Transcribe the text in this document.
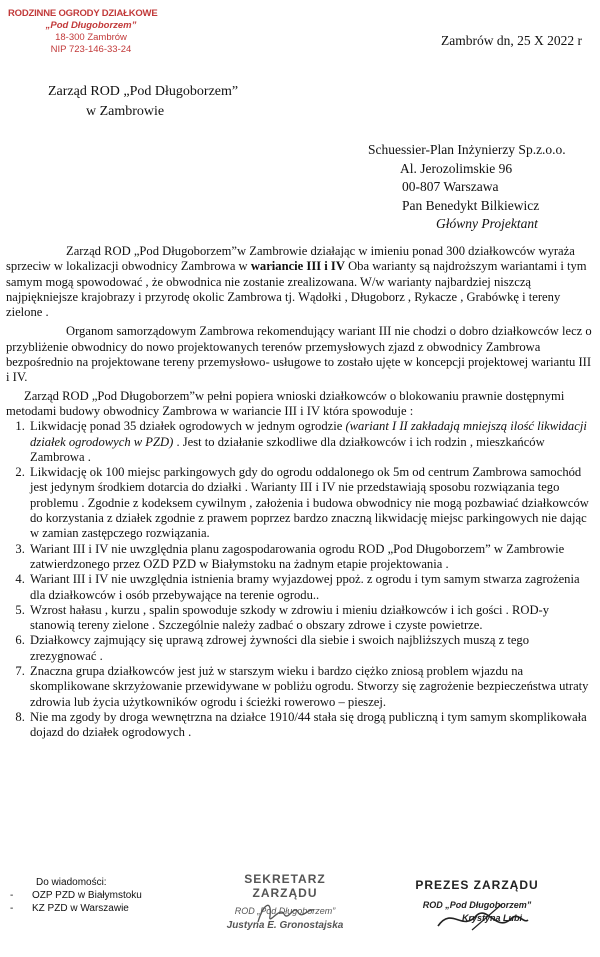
RODZINNE OGRODY DZIAŁKOWE
„Pod Długoborzem”
18-300 Zambrów
NIP 723-146-33-24
Zambrów dn, 25 X 2022 r
Zarząd ROD „Pod Długoborzem”
w Zambrowie
Schuessier-Plan Inżynierzy Sp.z.o.o.
Al. Jerozolimskie 96
00-807 Warszawa
Pan Benedykt Bilkiewicz
Główny Projektant

Zarząd ROD „Pod Długoborzem”w Zambrowie działając w imieniu ponad 300 działkowców wyraża sprzeciw w lokalizacji obwodnicy Zambrowa w wariancie III i IV Oba warianty są najdroższym wariantami i tym samym mogą spowodować , że obwodnica nie zostanie zrealizowana. W/w warianty najbardziej niszczą najpiękniejsze krajobrazy i przyrodę okolic Zambrowa tj. Wądołki , Długoborz , Rykacze , Grabówkę i tereny zielone .

Organom samorządowym Zambrowa rekomendujący wariant III nie chodzi o dobro działkowców lecz o przybliżenie obwodnicy do nowo projektowanych terenów przemysłowych zjazd z obwodnicy Zambrowa bezpośrednio na projektowane tereny przemysłowo- usługowe to zostało ujęte w koncepcji projektowej wariantu III i IV.

Zarząd ROD „Pod Długoborzem”w pełni popiera wnioski działkowców o blokowaniu prawnie dostępnymi metodami budowy obwodnicy Zambrowa w wariancie III i IV która spowoduje :

1. Likwidację ponad 35 działek ogrodowych w jednym ogrodzie (wariant I II zakładają mniejszą ilość likwidacji działek ogrodowych w PZD) . Jest to działanie szkodliwe dla działkowców i ich rodzin , mieszkańców Zambrowa .
2. Likwidację ok 100 miejsc parkingowych gdy do ogrodu oddalonego ok 5m od centrum Zambrowa samochód jest jedynym środkiem dotarcia do działki . Warianty III i IV nie przedstawiają sposobu rozwiązania tego problemu . Zgodnie z kodeksem cywilnym , założenia i budowa obwodnicy nie mogą pozbawiać działkowców do korzystania z działek zgodnie z prawem poprzez bardzo znaczną likwidację miejsc parkingowych nie dając w zamian zastępczego rozwiązania.
3. Wariant III i IV nie uwzględnia planu zagospodarowania ogrodu ROD „Pod Długoborzem” w Zambrowie zatwierdzonego przez OZD PZD w Białymstoku na żadnym etapie projektowania .
4. Wariant III i IV nie uwzględnia istnienia bramy wyjazdowej ppoż. z ogrodu i tym samym stwarza zagrożenia dla działkowców i osób przebywające na terenie ogrodu..
5. Wzrost hałasu , kurzu , spalin spowoduje szkody w zdrowiu i mieniu działkowców i ich gości . ROD-y stanowią tereny zielone . Szczególnie należy zadbać o obszary zdrowe i czyste powietrze.
6. Działkowcy zajmujący się uprawą zdrowej żywności dla siebie i swoich najbliższych muszą z tego zrezygnować .
7. Znaczna grupa działkowców jest już w starszym wieku i bardzo ciężko zniosą problem wjazdu na skomplikowane skrzyżowanie przewidywane w pobliżu ogrodu. Stworzy się zagrożenie bezpieczeństwa utraty zdrowia lub życia użytkowników ogrodu i ścieżki rowerowo – pieszej.
8. Nie ma zgody by droga wewnętrzna na działce 1910/44 stała się drogą publiczną i tym samym skomplikowała dojazd do działek ogrodowych .
Do wiadomości:
- OZP PZD w Białymstoku
- KZ PZD w Warszawie
SEKRETARZ ZARZĄDU
ROD „Pod Długoborzem”
Justyna E. Gronostajska
PREZES ZARZĄDU
ROD „Pod Długoborzem”
Krystyna Lubi
